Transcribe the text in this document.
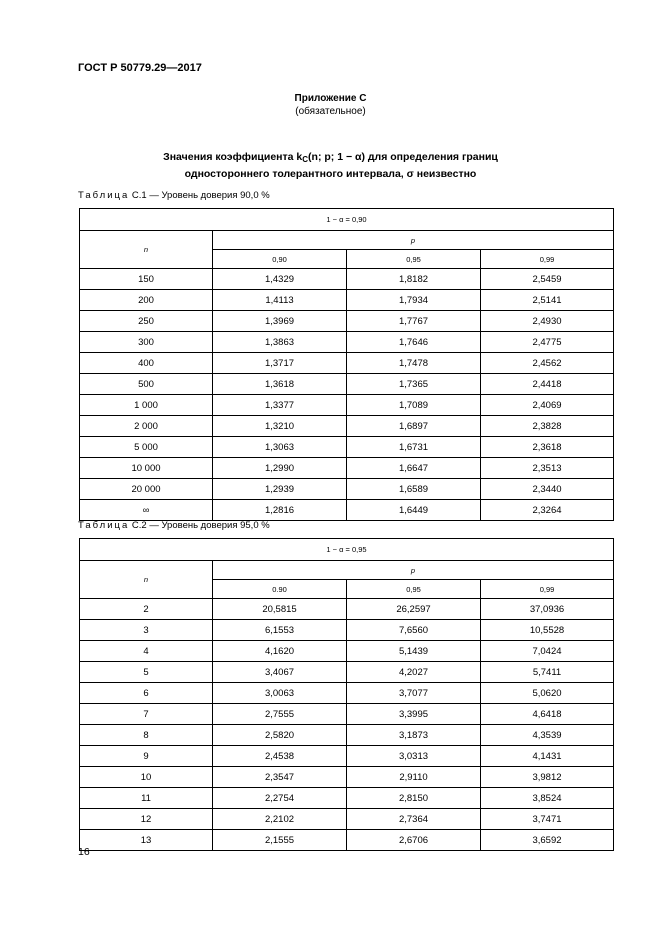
ГОСТ Р 50779.29—2017
Приложение С
(обязательное)
Значения коэффициента $k_C(n$; p; 1 − α) для определения границ
одностороннего толерантного интервала, σ неизвестно
Таблица С.1 — Уровень доверия 90,0 %
1 − α = 0,90			
n	p		
	0,90	0,95	0,99
150	1,4329	1,8182	2,5459
200	1,4113	1,7934	2,5141
250	1,3969	1,7767	2,4930
300	1,3863	1,7646	2,4775
400	1,3717	1,7478	2,4562
500	1,3618	1,7365	2,4418
1 000	1,3377	1,7089	2,4069
2 000	1,3210	1,6897	2,3828
5 000	1,3063	1,6731	2,3618
10 000	1,2990	1,6647	2,3513
20 000	1,2939	1,6589	2,3440
∞	1,2816	1,6449	2,3264
Таблица С.2 — Уровень доверия 95,0 %
1 − α = 0,95			
n	p		
	0.90	0,95	0,99
2	20,5815	26,2597	37,0936
3	6,1553	7,6560	10,5528
4	4,1620	5,1439	7,0424
5	3,4067	4,2027	5,7411
6	3,0063	3,7077	5,0620
7	2,7555	3,3995	4,6418
8	2,5820	3,1873	4,3539
9	2,4538	3,0313	4,1431
10	2,3547	2,9110	3,9812
11	2,2754	2,8150	3,8524
12	2,2102	2,7364	3,7471
13	2,1555	2,6706	3,6592
16
